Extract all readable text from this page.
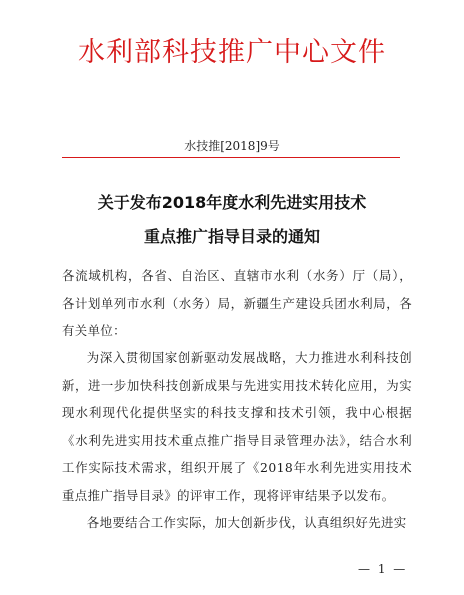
水利部科技推广中心文件
水技推[2018]9号
关于发布2018年度水利先进实用技术
重点推广指导目录的通知
各流域机构，各省、自治区、直辖市水利（水务）厅（局），各计划单列市水利（水务）局，新疆生产建设兵团水利局，各有关单位：
为深入贯彻国家创新驱动发展战略，大力推进水利科技创新，进一步加快科技创新成果与先进实用技术转化应用，为实现水利现代化提供坚实的科技支撑和技术引领，我中心根据《水利先进实用技术重点推广指导目录管理办法》，结合水利工作实际技术需求，组织开展了《2018年水利先进实用技术重点推广指导目录》的评审工作，现将评审结果予以发布。
各地要结合工作实际，加大创新步伐，认真组织好先进实
— 1 —
